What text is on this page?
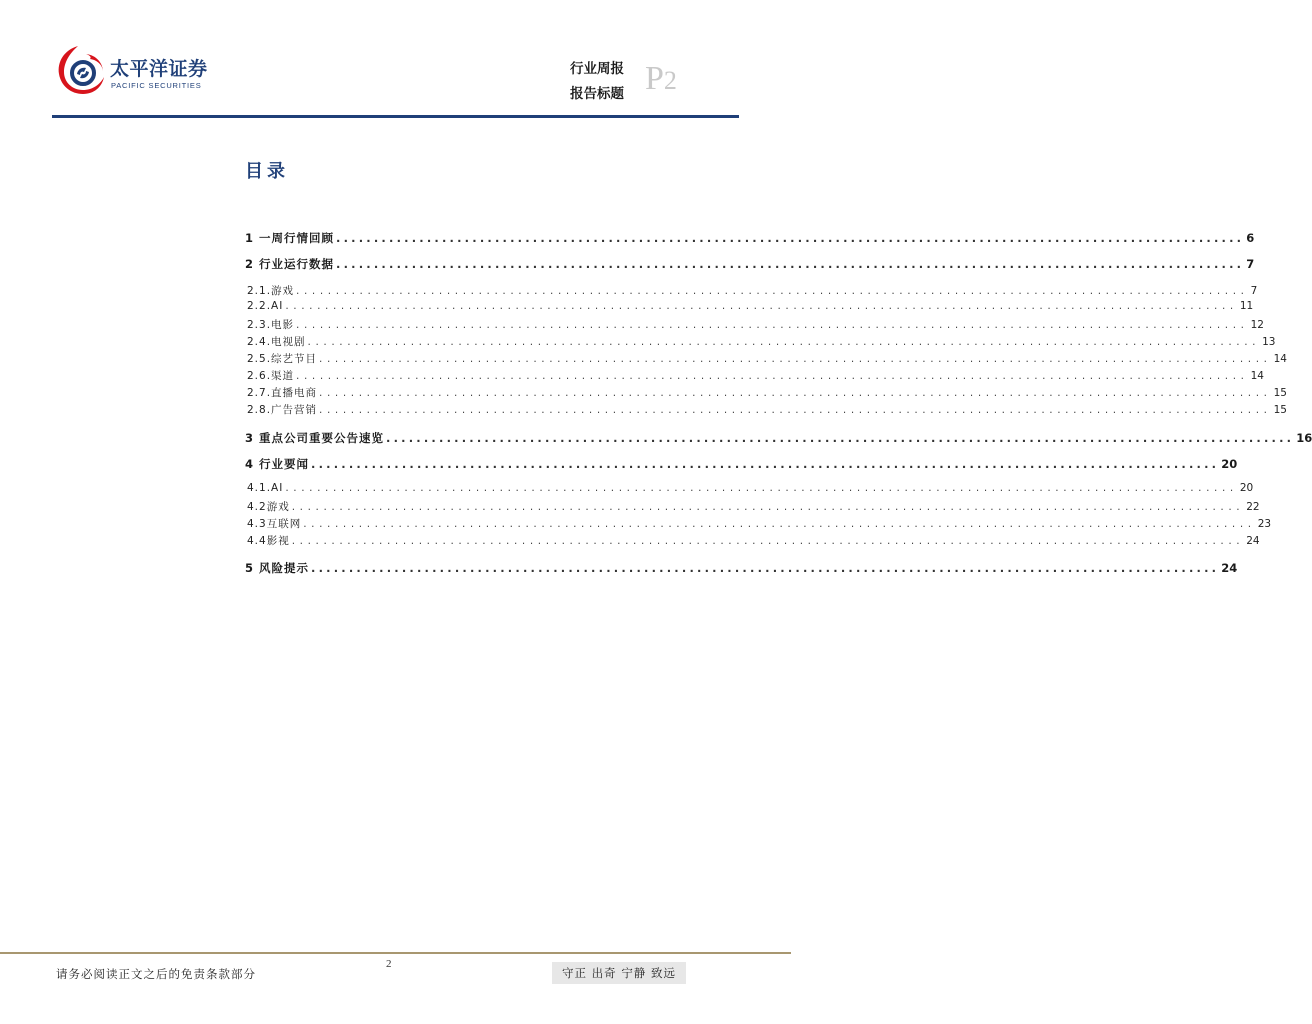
太平洋证券
PACIFIC SECURITIES
行业周报
报告标题 P2
目录
1 一周行情回顾 ........................................................................................................................ 6
2 行业运行数据 ........................................................................................................................ 7
2.1.游戏 ........................................................................................................................ 7
2.2.AI ........................................................................................................................ 11
2.3.电影 ........................................................................................................................ 12
2.4.电视剧 ........................................................................................................................ 13
2.5.综艺节目 ........................................................................................................................ 14
2.6.渠道 ........................................................................................................................ 14
2.7.直播电商 ........................................................................................................................ 15
2.8.广告营销 ........................................................................................................................ 15
3 重点公司重要公告速览 ........................................................................................................................ 16
4 行业要闻 ........................................................................................................................ 20
4.1.AI ........................................................................................................................ 20
4.2游戏 ........................................................................................................................ 22
4.3互联网 ........................................................................................................................ 23
4.4影视 ........................................................................................................................ 24
5 风险提示 ........................................................................................................................ 24
请务必阅读正文之后的免责条款部分
2
守正 出奇 宁静 致远
